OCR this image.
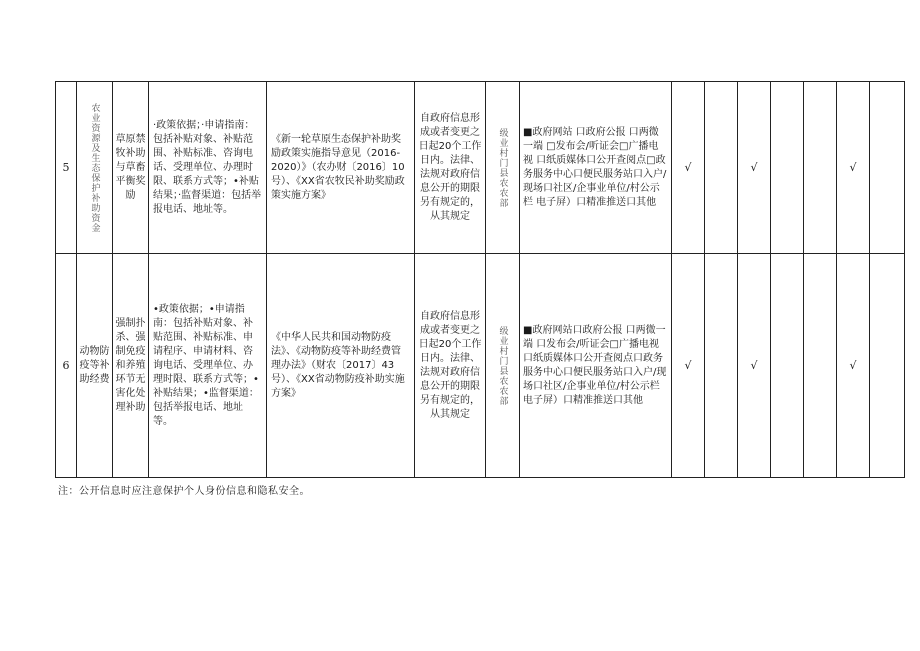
5	农业资源及生态保护补助资金	草原禁牧补助与草畜平衡奖励	·政策依据；·申请指南：包括补贴对象、补贴范围、补贴标准、咨询电话、受理单位、办理时限、联系方式等；•补贴结果；·监督渠道：包括举报电话、地址等。	《新一轮草原生态保护补助奖励政策实施指导意见（2016-2020）》（农办财〔2016〕10号）、《XX省农牧民补助奖励政策实施方案》	自政府信息形成或者变更之日起20个工作日内。法律、法规对政府信息公开的期限另有规定的，从其规定	级业村门县农农部	■政府网站 口政府公报 口两微一端 □发布会/听证会□广播电视 口纸质媒体口公开查阅点□政务服务中心口便民服务站口入户/现场口社区/企事业单位/村公示栏 电子屏）口精准推送口其他	√		√			√	
6	动物防疫等补助经费	强制扑杀、强制免疫和养殖环节无害化处理补助	•政策依据；•申请指南：包括补贴对象、补贴范围、补贴标准、申请程序、申请材料、咨询电话、受理单位、办理时限、联系方式等；•补贴结果；•监督渠道：包括举报电话、地址等。	《中华人民共和国动物防疫法》、《动物防疫等补助经费管理办法》（财农〔2017〕43号）、《XX省动物防疫补助实施方案》	自政府信息形成或者变更之日起20个工作日内。法律、法规对政府信息公开的期限另有规定的，从其规定	级业村门县农农部	■政府网站口政府公报 口两微一端 口发布会/听证会□广播电视 口纸质媒体口公开查阅点口政务服务中心口便民服务站口入户/现场口社区/企事业单位/村公示栏 电子屏）口精准推送口其他	√		√			√	
注：公开信息时应注意保护个人身份信息和隐私安全。
